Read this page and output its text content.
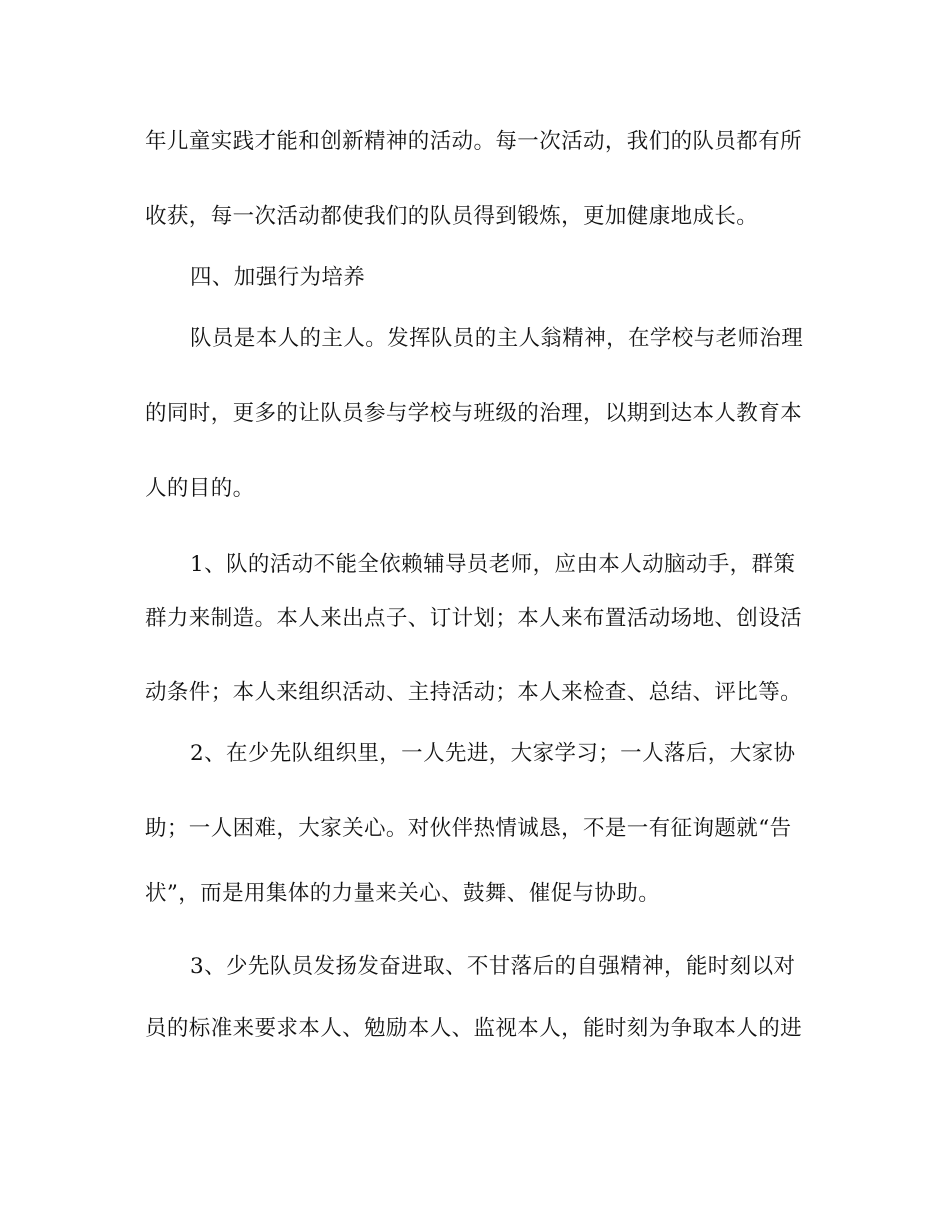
年儿童实践才能和创新精神的活动。每一次活动，我们的队员都有所
收获，每一次活动都使我们的队员得到锻炼，更加健康地成长。
四、加强行为培养
队员是本人的主人。发挥队员的主人翁精神，在学校与老师治理
的同时，更多的让队员参与学校与班级的治理，以期到达本人教育本
人的目的。
1、队的活动不能全依赖辅导员老师，应由本人动脑动手，群策
群力来制造。本人来出点子、订计划；本人来布置活动场地、创设活
动条件；本人来组织活动、主持活动；本人来检查、总结、评比等。
2、在少先队组织里，一人先进，大家学习；一人落后，大家协
助；一人困难，大家关心。对伙伴热情诚恳，不是一有征询题就“告
状”，而是用集体的力量来关心、鼓舞、催促与协助。
3、少先队员发扬发奋进取、不甘落后的自强精神，能时刻以对
员的标准来要求本人、勉励本人、监视本人，能时刻为争取本人的进
